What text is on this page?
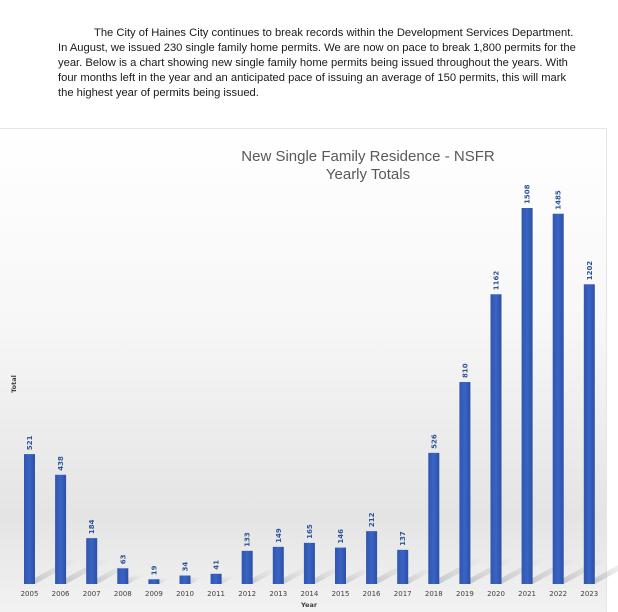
The City of Haines City continues to break records within the Development Services Department. In August, we issued 230 single family home permits. We are now on pace to break 1,800 permits for the year. Below is a chart showing new single family home permits being issued throughout the years. With four months left in the year and an anticipated pace of issuing an average of 150 permits, this will mark the highest year of permits being issued.

521
438
184
63
19	34	41
133	149	165	146
212
137
526
810
1162
1508	1485
1202
2005 2006 2007 2008 2009 2010 2011 2012 2013 2014 2015 2016 2017 2018 2019 2020 2021 2022 2023
New Single Family Residence - NSFR
Yearly Totals
Total
Year
